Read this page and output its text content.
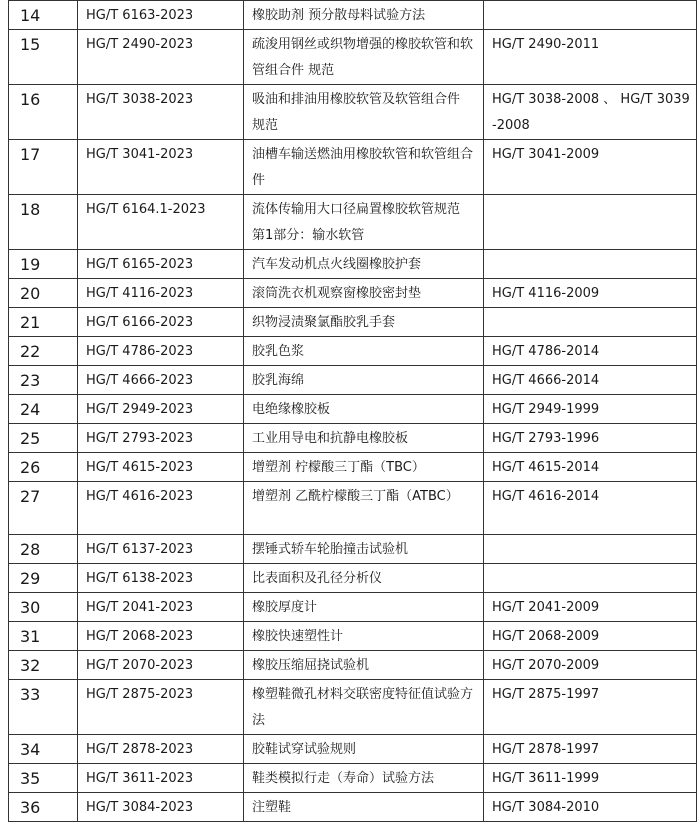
14	HG/T 6163-2023	橡胶助剂 预分散母料试验方法	
15	HG/T 2490-2023	疏浚用钢丝或织物增强的橡胶软管和软管组合件 规范	HG/T 2490-2011
16	HG/T 3038-2023	吸油和排油用橡胶软管及软管组合件 规范	HG/T 3038-2008 、 HG/T 3039-2008
17	HG/T 3041-2023	油槽车输送燃油用橡胶软管和软管组合件	HG/T 3041-2009
18	HG/T 6164.1-2023	流体传输用大口径扁置橡胶软管规范 第1部分：输水软管	
19	HG/T 6165-2023	汽车发动机点火线圈橡胶护套	
20	HG/T 4116-2023	滚筒洗衣机观察窗橡胶密封垫	HG/T 4116-2009
21	HG/T 6166-2023	织物浸渍聚氯酯胶乳手套	
22	HG/T 4786-2023	胶乳色浆	HG/T 4786-2014
23	HG/T 4666-2023	胶乳海绵	HG/T 4666-2014
24	HG/T 2949-2023	电绝缘橡胶板	HG/T 2949-1999
25	HG/T 2793-2023	工业用导电和抗静电橡胶板	HG/T 2793-1996
26	HG/T 4615-2023	增塑剂 柠檬酸三丁酯（TBC）	HG/T 4615-2014
27	HG/T 4616-2023	增塑剂 乙酰柠檬酸三丁酯（ATBC）	HG/T 4616-2014
28	HG/T 6137-2023	摆锤式轿车轮胎撞击试验机	
29	HG/T 6138-2023	比表面积及孔径分析仪	
30	HG/T 2041-2023	橡胶厚度计	HG/T 2041-2009
31	HG/T 2068-2023	橡胶快速塑性计	HG/T 2068-2009
32	HG/T 2070-2023	橡胶压缩屈挠试验机	HG/T 2070-2009
33	HG/T 2875-2023	橡塑鞋微孔材料交联密度特征值试验方法	HG/T 2875-1997
34	HG/T 2878-2023	胶鞋试穿试验规则	HG/T 2878-1997
35	HG/T 3611-2023	鞋类模拟行走（寿命）试验方法	HG/T 3611-1999
36	HG/T 3084-2023	注塑鞋	HG/T 3084-2010
